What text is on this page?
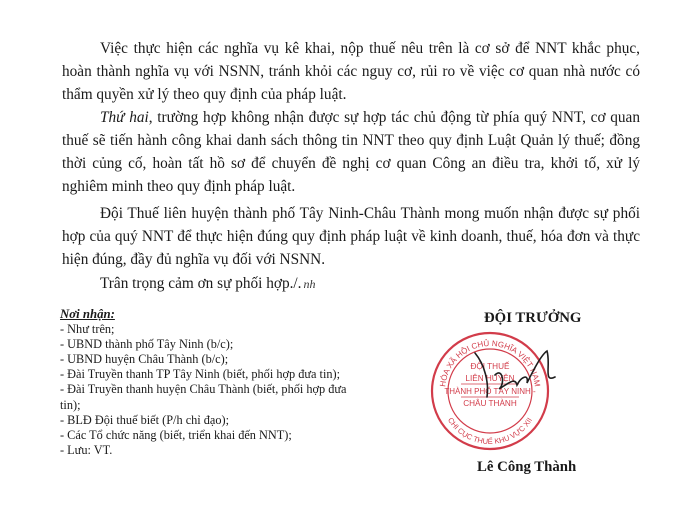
Việc thực hiện các nghĩa vụ kê khai, nộp thuế nêu trên là cơ sở để NNT khắc phục, hoàn thành nghĩa vụ với NSNN, tránh khỏi các nguy cơ, rủi ro về việc cơ quan nhà nước có thẩm quyền xử lý theo quy định của pháp luật.

Thứ hai, trường hợp không nhận được sự hợp tác chủ động từ phía quý NNT, cơ quan thuế sẽ tiến hành công khai danh sách thông tin NNT theo quy định Luật Quản lý thuế; đồng thời củng cố, hoàn tất hồ sơ để chuyển đề nghị cơ quan Công an điều tra, khởi tố, xử lý nghiêm minh theo quy định pháp luật.

Đội Thuế liên huyện thành phố Tây Ninh-Châu Thành mong muốn nhận được sự phối hợp của quý NNT để thực hiện đúng quy định pháp luật về kinh doanh, thuế, hóa đơn và thực hiện đúng, đầy đủ nghĩa vụ đối với NSNN.

Trân trọng cảm ơn sự phối hợp./. nh

Nơi nhận:
- Như trên;
- UBND thành phố Tây Ninh (b/c);
- UBND huyện Châu Thành (b/c);
- Đài Truyền thanh TP Tây Ninh (biết, phối hợp đưa tin);
- Đài Truyền thanh huyện Châu Thành (biết, phối hợp đưa tin);
- BLĐ Đội thuế biết (P/h chỉ đạo);
- Các Tổ chức năng (biết, triển khai đến NNT);
- Lưu: VT.

ĐỘI TRƯỞNG

HÒA XÃ HỘI CHỦ NGHĨA VIỆT NAM
CHI CỤC THUẾ KHU VỰC XII
ĐỘI THUẾ
LIÊN HUYỆN
THÀNH PHỐ TÂY NINH -
CHÂU THÀNH

Lê Công Thành
